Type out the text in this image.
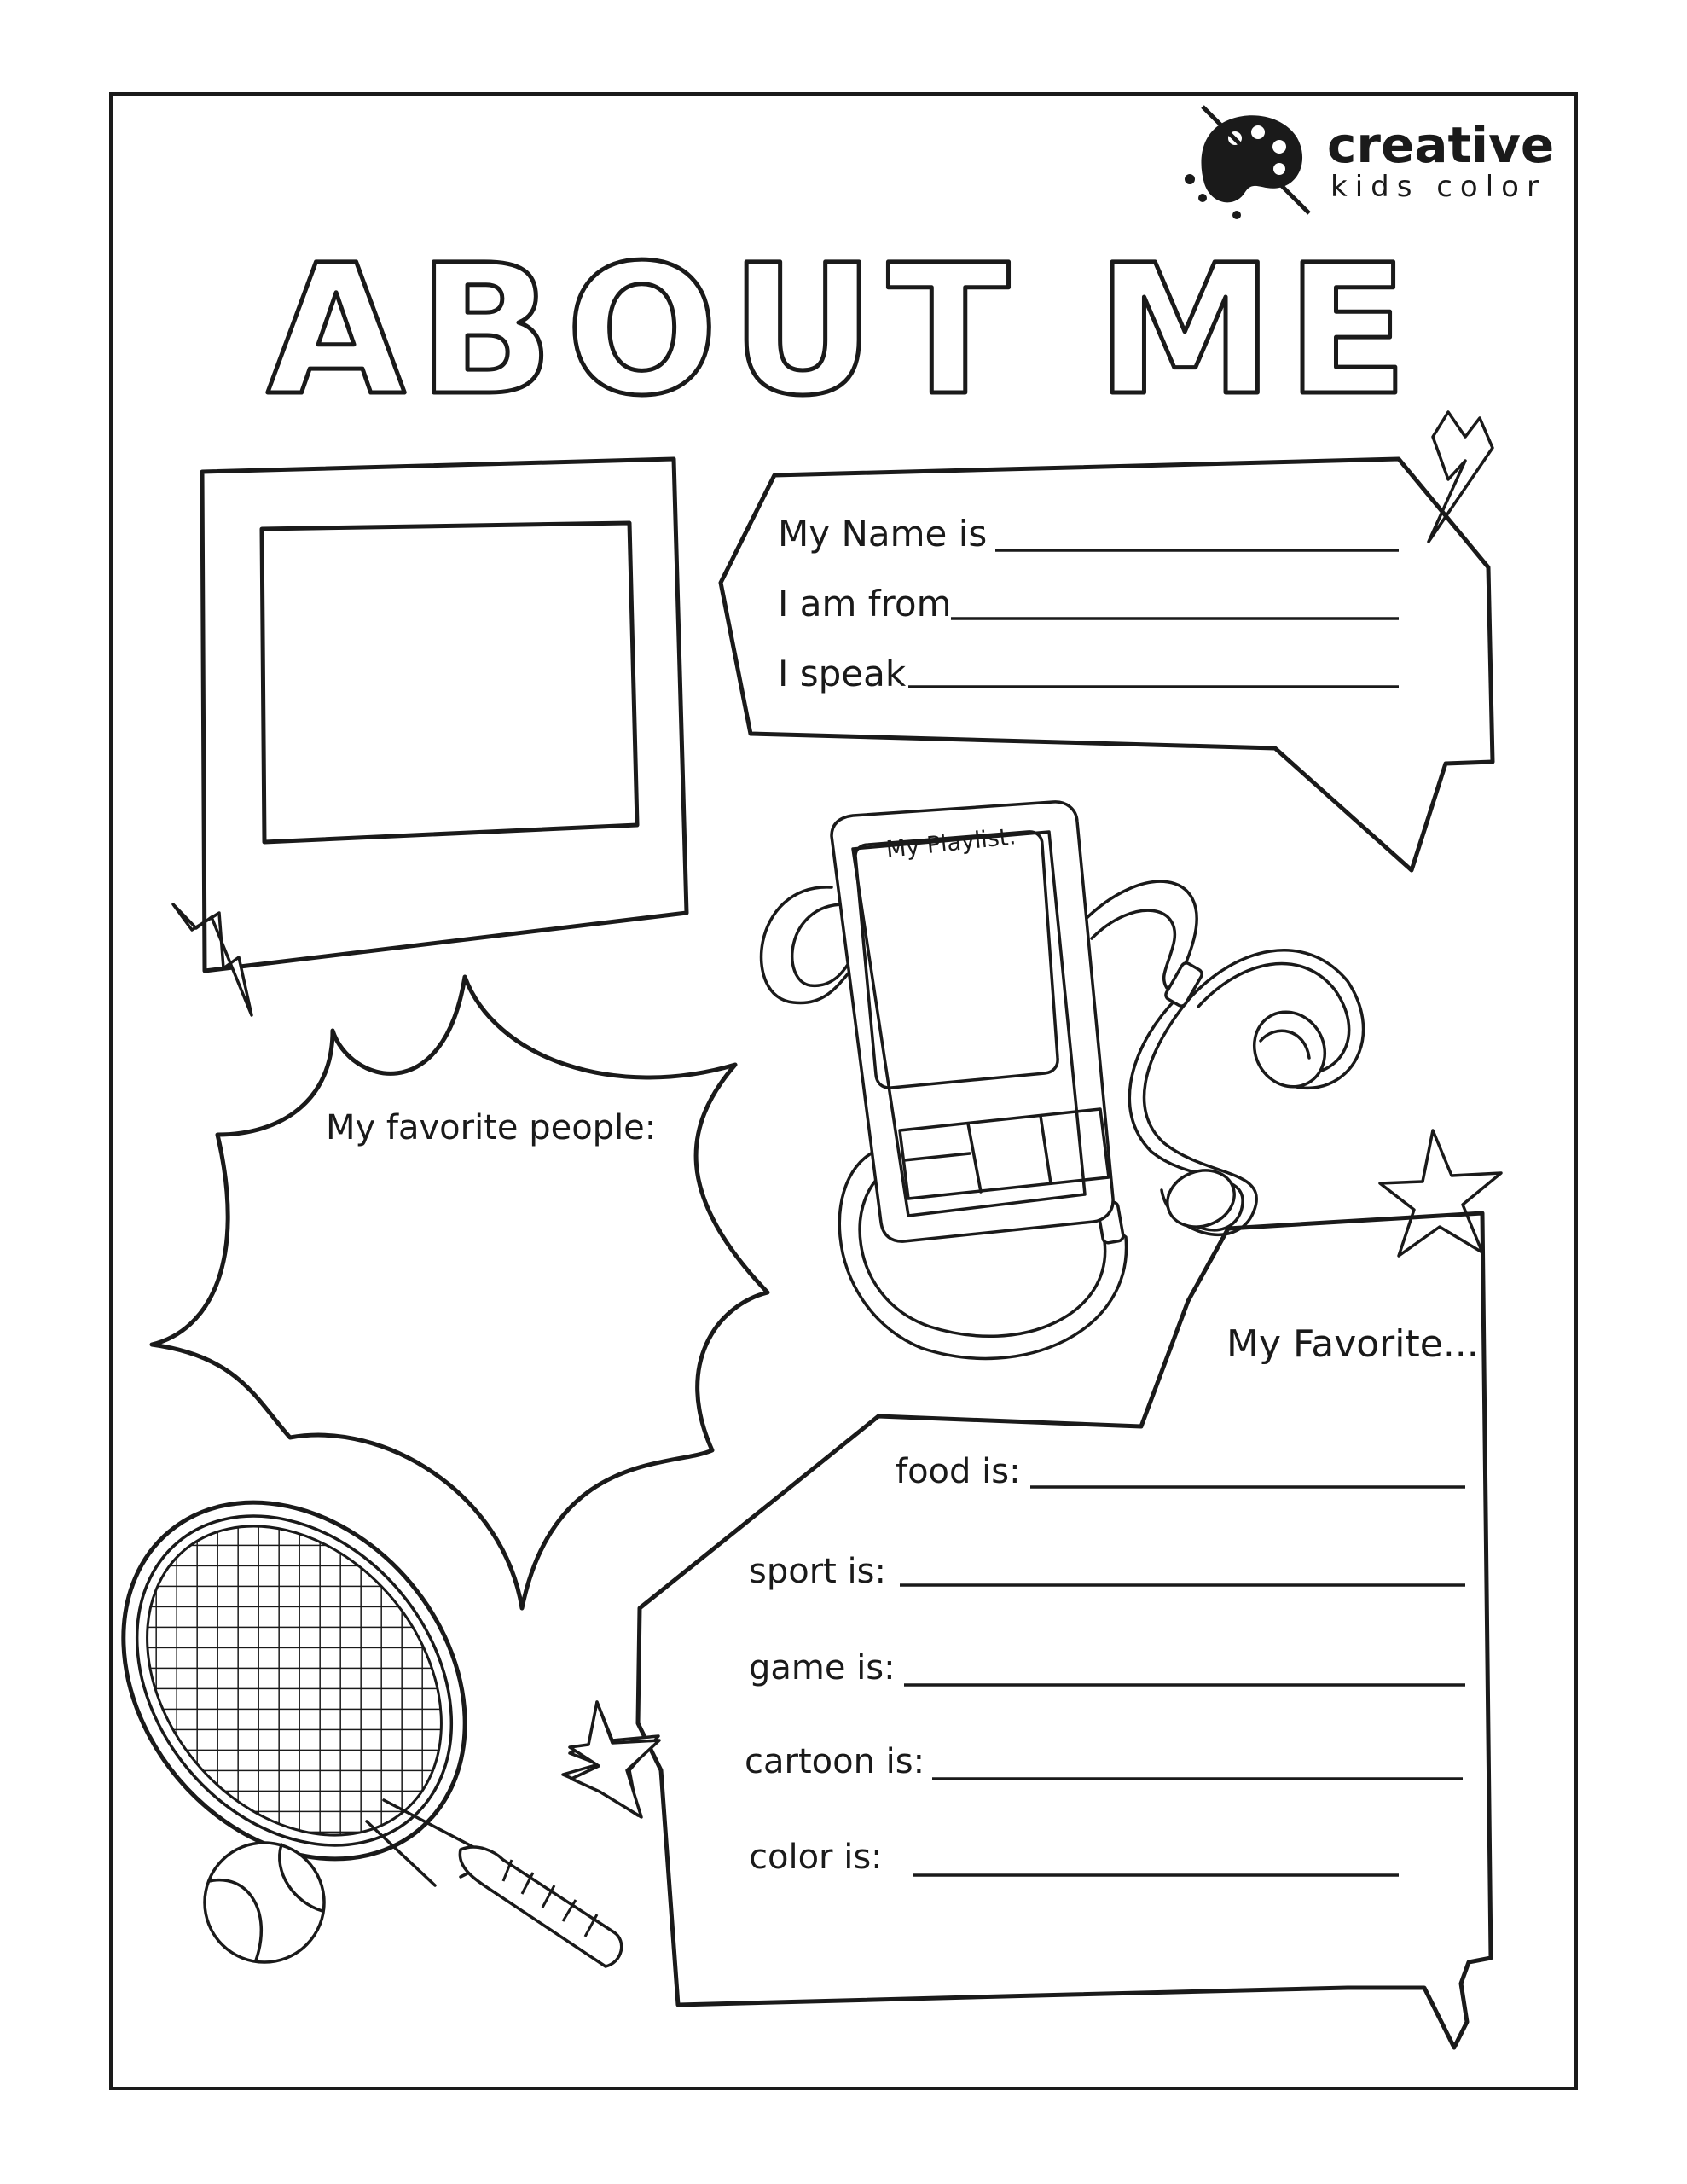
creative
kids color
ABOUT ME
My Name is
I am from
I speak
My Playlist:
My favorite people:
My Favorite...
food is:
sport is:
game is:
cartoon is:
color is:
